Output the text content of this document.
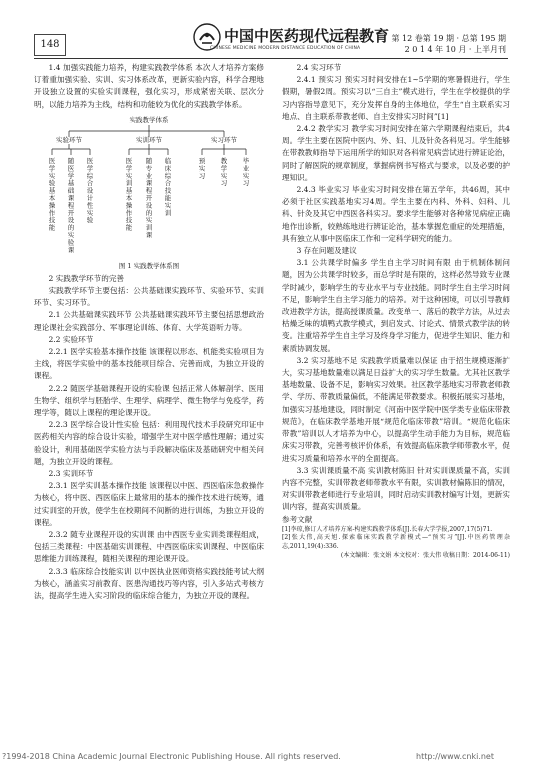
148	中国中医药现代远程教育
CHINESE MEDICINE MODERN DISTANCE EDUCATION OF CHINA
第 12 卷第 19 期 · 总第 195 期
2 0 1 4 年 10 月 · 上半月刊

1.4 加强实践能力培养，构建实践教学体系 本次人才培养方案修订着重加强实验、实训、实习体系改革，更新实验内容，科学合理地开设独立设置的实验实训课程，强化实习，形成紧密关联、层次分明，以能力培养为主线，结构和功能较为优化的实践教学体系。

实践教学体系
实验环节	实训环节	实习环节
医学实验基本操作技能
随医学基础课程开设的实验课
医学综合设计性实验
医学实训基本操作技能
随专业课程开设的实训课
临床综合技能实训
预实习
教学实习
毕业实习
图 1 实践教学体系图

2 实践教学环节的完善

实践教学环节主要包括：公共基础课实践环节、实验环节、实训环节、实习环节。

2.1 公共基础课实践环节 公共基础课实践环节主要包括思想政治理论课社会实践部分、军事理论训练、体育、大学英语听力等。

2.2 实验环节

2.2.1 医学实验基本操作技能 该课程以形态、机能类实验项目为主线，将医学实验中的基本技能项目综合、完善而成，为独立开设的课程。

2.2.2 随医学基础课程开设的实验课 包括正常人体解剖学、医用生物学、组织学与胚胎学、生理学、病理学、微生物学与免疫学，药理学等，随以上课程的理论课开设。

2.2.3 医学综合设计性实验 包括：利用现代技术手段研究印证中医药相关内容的综合设计实验，增强学生对中医学感性理解；通过实验设计，利用基础医学实验方法与手段解决临床及基础研究中相关问题，为独立开设的课程。

2.3 实训环节

2.3.1 医学实训基本操作技能 该课程以中医、西医临床急救操作为核心，将中医、西医临床上最常用的基本的操作技术进行统筹，通过实训室的开放，使学生在校期间不间断的进行训练，为独立开设的课程。

2.3.2 随专业课程开设的实训课 由中西医专业实训类课程组成，包括三类课程：中医基础实训课程、中西医临床实训课程、中医临床思维能力训练课程，随相关课程的理论课开设。

2.3.3 临床综合技能实训 以中医执业医师资格实践技能考试大纲为核心，涵盖实习前教育、医患沟通技巧等内容，引入多站式考核方法，提高学生进入实习阶段的临床综合能力，为独立开设的课程。

2.4 实习环节

2.4.1 预实习 预实习时间安排在1~5学期的寒暑假进行，学生假期，暑假2周。预实习以“三自主”模式进行，学生在学校提供的学习内容指导意见下，充分发挥自身的主体地位，学生“自主联系实习地点、自主联系带教老师、自主安排实习时间”[1]

2.4.2 教学实习 教学实习时间安排在第六学期课程结束后，共4周。学生主要在医院中医内、外、妇、儿及针灸各科见习。学生能够在带教教师指导下运用所学的知识对各科常见病尝试进行辨证论治，同时了解医院的规章制度，掌握病例书写格式与要求，以及必要的护理知识。

2.4.3 毕业实习 毕业实习时间安排在第五学年，共46周，其中必须于社区实践基地实习4周。学生主要在内科、外科、妇科、儿科、针灸及其它中西医各科实习。要求学生能够对各种常见病症正确地作出诊断，较熟练地进行辨证论治，基本掌握危重症的处理措施，具有独立从事中医临床工作和一定科学研究的能力。

3 存在问题及建议

3.1 公共课学时偏多 学生自主学习时间有限 由于机制体制问题，因为公共课学时较多，而总学时是有限的，这样必然导致专业课学时减少，影响学生的专业水平与专业技能。同时学生自主学习时间不足，影响学生自主学习能力的培养。对于这种困境，可以引导教师改进教学方法，提高授课质量。改变单一、落后的教学方法，从过去枯燥乏味的填鸭式教学模式，到启发式、讨论式、情景式教学法的转变。注重培养学生自主学习及终身学习能力，促进学生知识、能力和素质协调发展。

3.2 实习基地不足 实践教学质量难以保证 由于招生规模逐渐扩大，实习基地数量难以满足日益扩大的实习学生数量。尤其社区教学基地数量、设备不足，影响实习效果。社区教学基地实习带教老师教学、学历、带教质量偏低，不能满足带教要求。积极拓展实习基地，加强实习基地建设，同时制定《河南中医学院中医学类专业临床带教规范》，在临床教学基地开展“规范化临床带教”培训。“规范化临床带教”培训以人才培养为中心，以提高学生动手能力为目标，规范临床实习带教，完善考核评价体系，有效提高临床教学师带教水平，促进实习质量和培养水平的全面提高。

3.3 实训课质量不高 实训教材陈旧 针对实训课质量不高，实训内容不完整，实训带教老师带教水平有限，实训教材偏陈旧的情况，对实训带教老师进行专业培训，同时启动实训教材编写计划，更新实训内容，提高实训质量。

参考文献

[1]李琼,修订人才培养方案-构建实践教学体系[J].长春大学学报,2007,17(5)71.

[2]张大伟,高天旭.探索临床实践教学新模式—“预实习”[J].中医药管理杂志,2011,19(4):336.

(本文编辑：张文娟 本文校对：张大伟 收稿日期：2014-06-11)

?1994-2018 China Academic Journal Electronic Publishing House. All rights reserved.	http://www.cnki.net
